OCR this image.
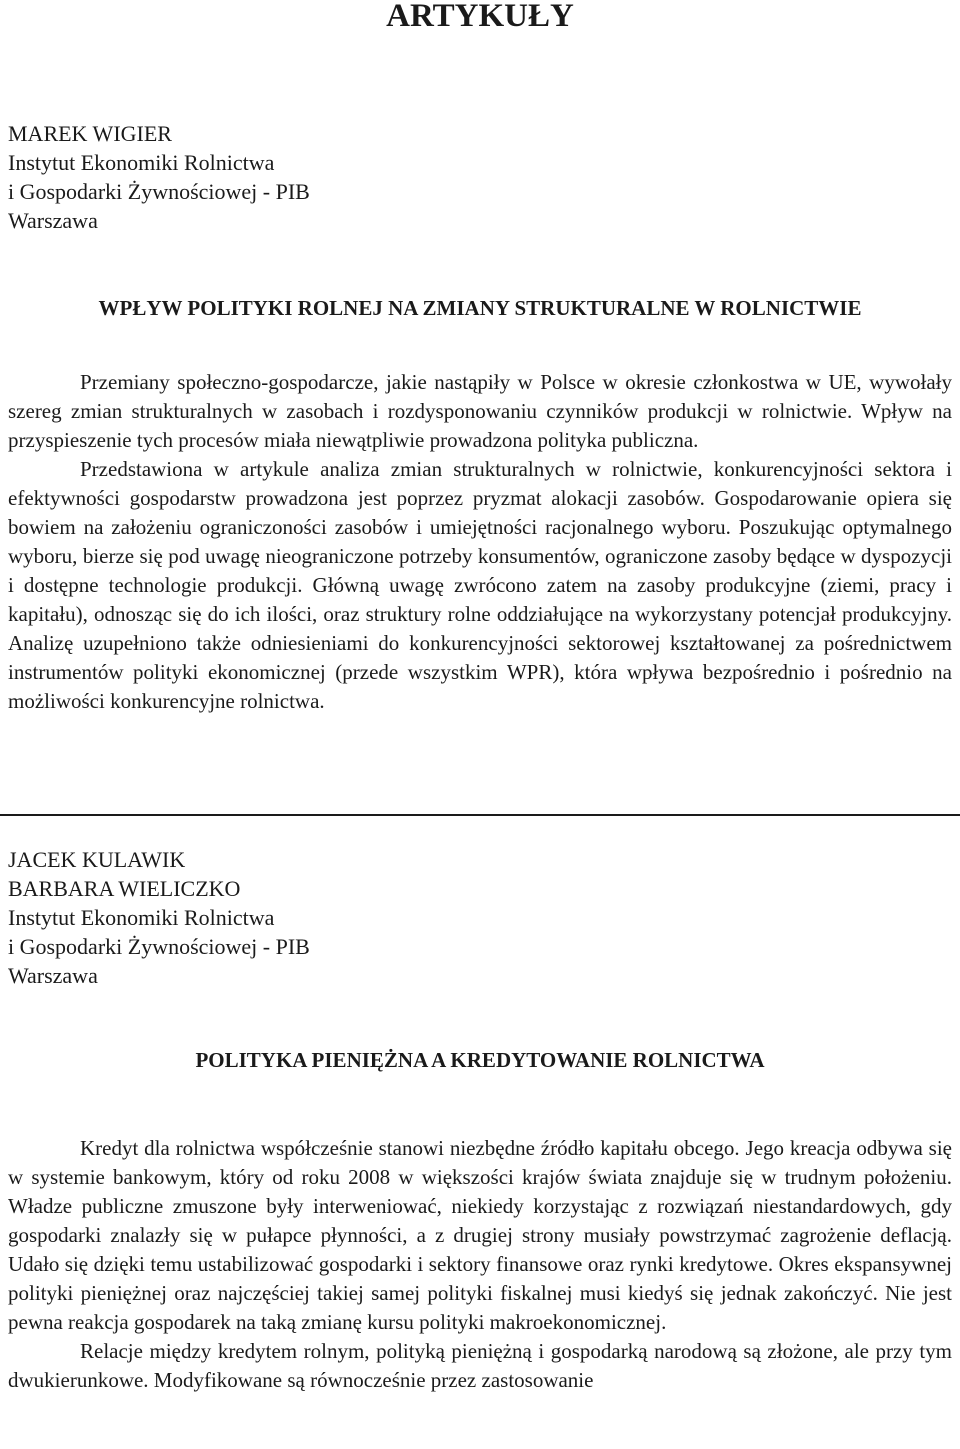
ARTYKUŁY
MAREK WIGIER
Instytut Ekonomiki Rolnictwa
i Gospodarki Żywnościowej - PIB
Warszawa
WPŁYW POLITYKI ROLNEJ NA ZMIANY STRUKTURALNE W ROLNICTWIE

Przemiany społeczno-gospodarcze, jakie nastąpiły w Polsce w okresie członkostwa w UE, wywołały szereg zmian strukturalnych w zasobach i rozdysponowaniu czynników produkcji w rolnictwie. Wpływ na przyspieszenie tych procesów miała niewątpliwie prowadzona polityka publiczna.

Przedstawiona w artykule analiza zmian strukturalnych w rolnictwie, konkurencyjności sektora i efektywności gospodarstw prowadzona jest poprzez pryzmat alokacji zasobów. Gospodarowanie opiera się bowiem na założeniu ograniczoności zasobów i umiejętności racjonalnego wyboru. Poszukując optymalnego wyboru, bierze się pod uwagę nieograniczone potrzeby konsumentów, ograniczone zasoby będące w dyspozycji i dostępne technologie produkcji. Główną uwagę zwrócono zatem na zasoby produkcyjne (ziemi, pracy i kapitału), odnosząc się do ich ilości, oraz struktury rolne oddziałujące na wykorzystany potencjał produkcyjny. Analizę uzupełniono także odniesieniami do konkurencyjności sektorowej kształtowanej za pośrednictwem instrumentów polityki ekonomicznej (przede wszystkim WPR), która wpływa bezpośrednio i pośrednio na możliwości konkurencyjne rolnictwa.

JACEK KULAWIK
BARBARA WIELICZKO
Instytut Ekonomiki Rolnictwa
i Gospodarki Żywnościowej - PIB
Warszawa
POLITYKA PIENIĘŻNA A KREDYTOWANIE ROLNICTWA

Kredyt dla rolnictwa współcześnie stanowi niezbędne źródło kapitału obcego. Jego kreacja odbywa się w systemie bankowym, który od roku 2008 w większości krajów świata znajduje się w trudnym położeniu. Władze publiczne zmuszone były interweniować, niekiedy korzystając z rozwiązań niestandardowych, gdy gospodarki znalazły się w pułapce płynności, a z drugiej strony musiały powstrzymać zagrożenie deflacją. Udało się dzięki temu ustabilizować gospodarki i sektory finansowe oraz rynki kredytowe. Okres ekspansywnej polityki pieniężnej oraz najczęściej takiej samej polityki fiskalnej musi kiedyś się jednak zakończyć. Nie jest pewna reakcja gospodarek na taką zmianę kursu polityki makroekonomicznej.

Relacje między kredytem rolnym, polityką pieniężną i gospodarką narodową są złożone, ale przy tym dwukierunkowe. Modyfikowane są równocześnie przez zastosowanie
